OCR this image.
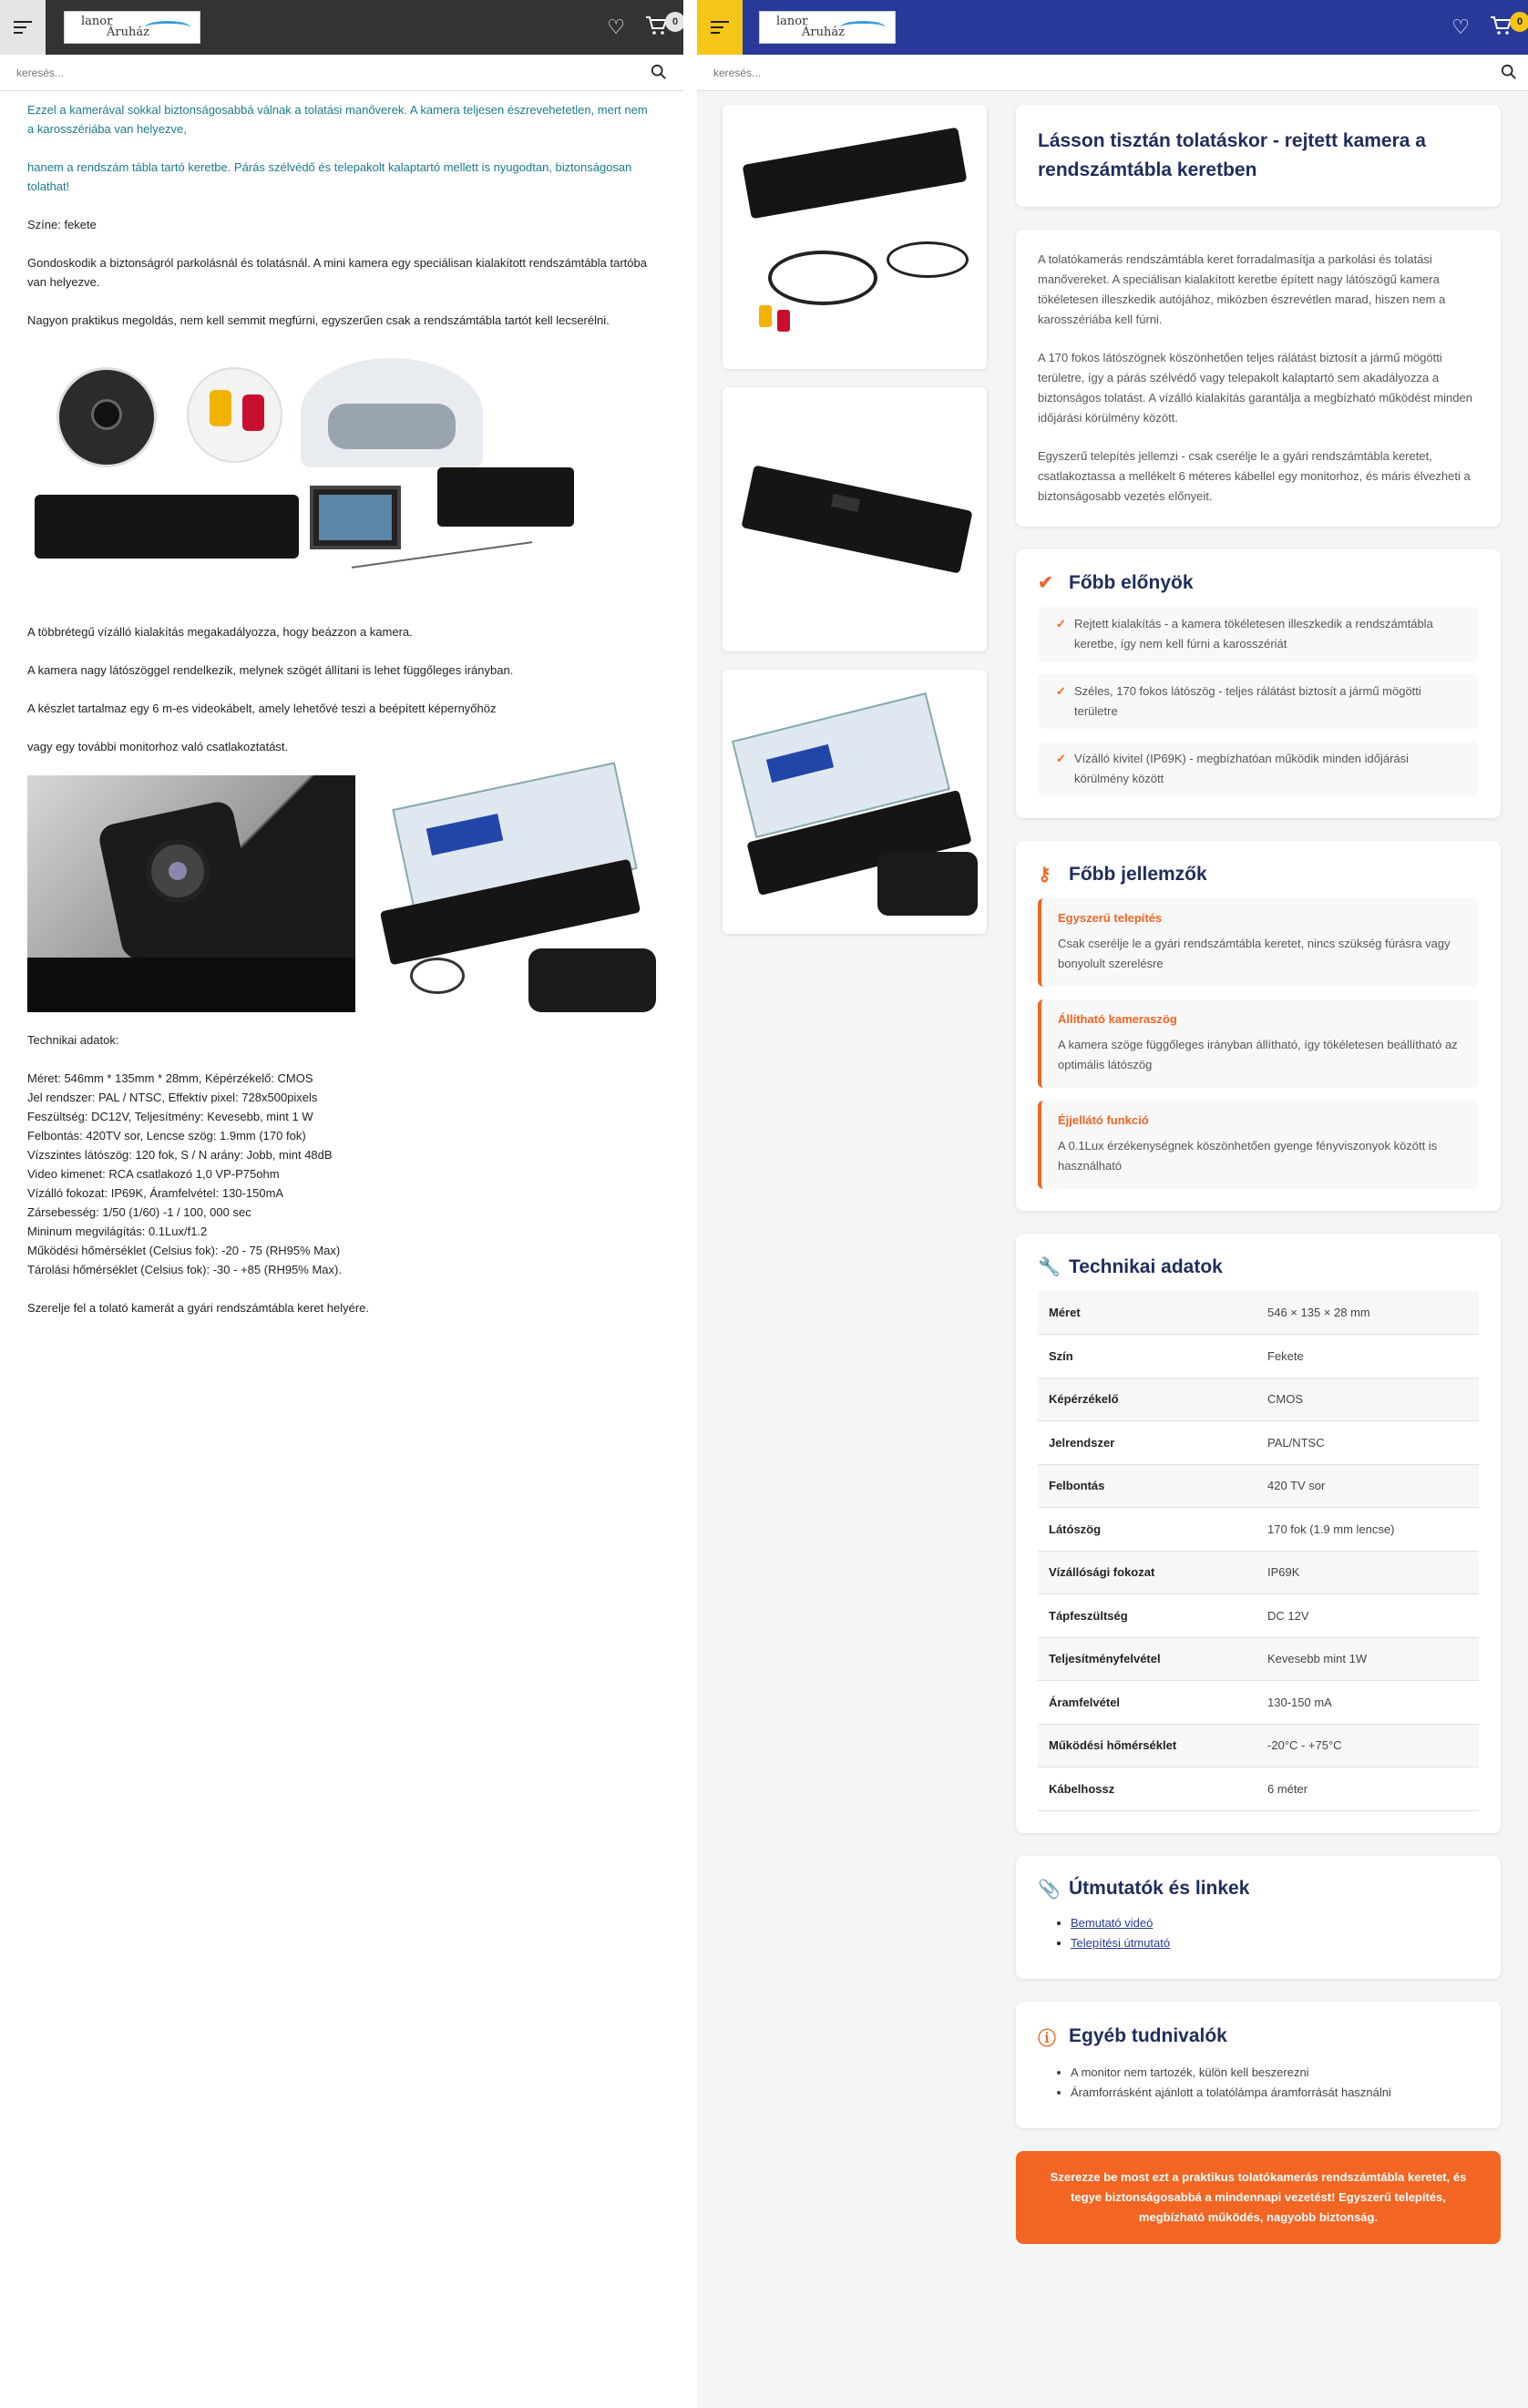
lanor
Áruház	♡	0
keresés...

Ezzel a kamerával sokkal biztonságosabbá válnak a tolatási manőverek. A kamera teljesen észrevehetetlen, mert nem a karosszériába van helyezve,

hanem a rendszám tábla tartó keretbe. Párás szélvédő és telepakolt kalaptartó mellett is nyugodtan, biztonságosan tolathat!

Színe: fekete

Gondoskodik a biztonságról parkolásnál és tolatásnál. A mini kamera egy speciálisan kialakított rendszámtábla tartóba van helyezve.

Nagyon praktikus megoldás, nem kell semmit megfúrni, egyszerűen csak a rendszámtábla tartót kell lecserélni.

A többrétegű vízálló kialakítás megakadályozza, hogy beázzon a kamera.

A kamera nagy látószöggel rendelkezik, melynek szögét állítani is lehet függőleges irányban.

A készlet tartalmaz egy 6 m-es videokábelt, amely lehetővé teszi a beépített képernyőhöz

vagy egy további monitorhoz való csatlakoztatást.

Technikai adatok:

Méret: 546mm * 135mm * 28mm, Képérzékelő: CMOS
Jel rendszer: PAL / NTSC, Effektív pixel: 728x500pixels
Feszültség: DC12V, Teljesítmény: Kevesebb, mint 1 W
Felbontás: 420TV sor, Lencse szög: 1.9mm (170 fok)
Vízszintes látószög: 120 fok, S / N arány: Jobb, mint 48dB
Video kimenet: RCA csatlakozó 1,0 VP-P75ohm
Vízálló fokozat: IP69K, Áramfelvétel: 130-150mA
Zársebesség: 1/50 (1/60) -1 / 100, 000 sec
Mininum megvilágítás: 0.1Lux/f1.2
Működési hőmérséklet (Celsius fok): -20 - 75 (RH95% Max)
Tárolási hőmérséklet (Celsius fok): -30 - +85 (RH95% Max).

Szerelje fel a tolató kamerát a gyári rendszámtábla keret helyére.

lanor
Áruház	♡	0
keresés...
Lásson tisztán tolatáskor - rejtett kamera a rendszámtábla keretben

A tolatókamerás rendszámtábla keret forradalmasítja a parkolási és tolatási manővereket. A speciálisan kialakított keretbe épített nagy látószögű kamera tökéletesen illeszkedik autójához, miközben észrevétlen marad, hiszen nem a karosszériába kell fúrni.

A 170 fokos látószögnek köszönhetően teljes rálátást biztosít a jármű mögötti területre, így a párás szélvédő vagy telepakolt kalaptartó sem akadályozza a biztonságos tolatást. A vízálló kialakítás garantálja a megbízható működést minden időjárási körülmény között.

Egyszerű telepítés jellemzi - csak cserélje le a gyári rendszámtábla keretet, csatlakoztassa a mellékelt 6 méteres kábellel egy monitorhoz, és máris élvezheti a biztonságosabb vezetés előnyeit.

✔ Főbb előnyök
✓ Rejtett kialakítás - a kamera tökéletesen illeszkedik a rendszámtábla keretbe, így nem kell fúrni a karosszériát
✓ Széles, 170 fokos látószög - teljes rálátást biztosít a jármű mögötti területre
✓ Vízálló kivitel (IP69K) - megbízhatóan működik minden időjárási körülmény között
⚷ Főbb jellemzők
Egyszerű telepítés
Csak cserélje le a gyári rendszámtábla keretet, nincs szükség fúrásra vagy bonyolult szerelésre
Állítható kameraszög
A kamera szöge függőleges irányban állítható, így tökéletesen beállítható az optimális látószög
Éjjellátó funkció
A 0.1Lux érzékenységnek köszönhetően gyenge fényviszonyok között is használható
🔧 Technikai adatok
Méret	546 × 135 × 28 mm
Szín	Fekete
Képérzékelő	CMOS
Jelrendszer	PAL/NTSC
Felbontás	420 TV sor
Látószög	170 fok (1.9 mm lencse)
Vízállósági fokozat	IP69K
Tápfeszültség	DC 12V
Teljesítményfelvétel	Kevesebb mint 1W
Áramfelvétel	130-150 mA
Működési hőmérséklet	-20°C - +75°C
Kábelhossz	6 méter
📎 Útmutatók és linkek
• Bemutató videó
• Telepítési útmutató
ⓘ Egyéb tudnivalók
• A monitor nem tartozék, külön kell beszerezni
• Áramforrásként ajánlott a tolatólámpa áramforrását használni
Szerezze be most ezt a praktikus tolatókamerás rendszámtábla keretet, és tegye biztonságosabbá a mindennapi vezetést! Egyszerű telepítés, megbízható működés, nagyobb biztonság.
